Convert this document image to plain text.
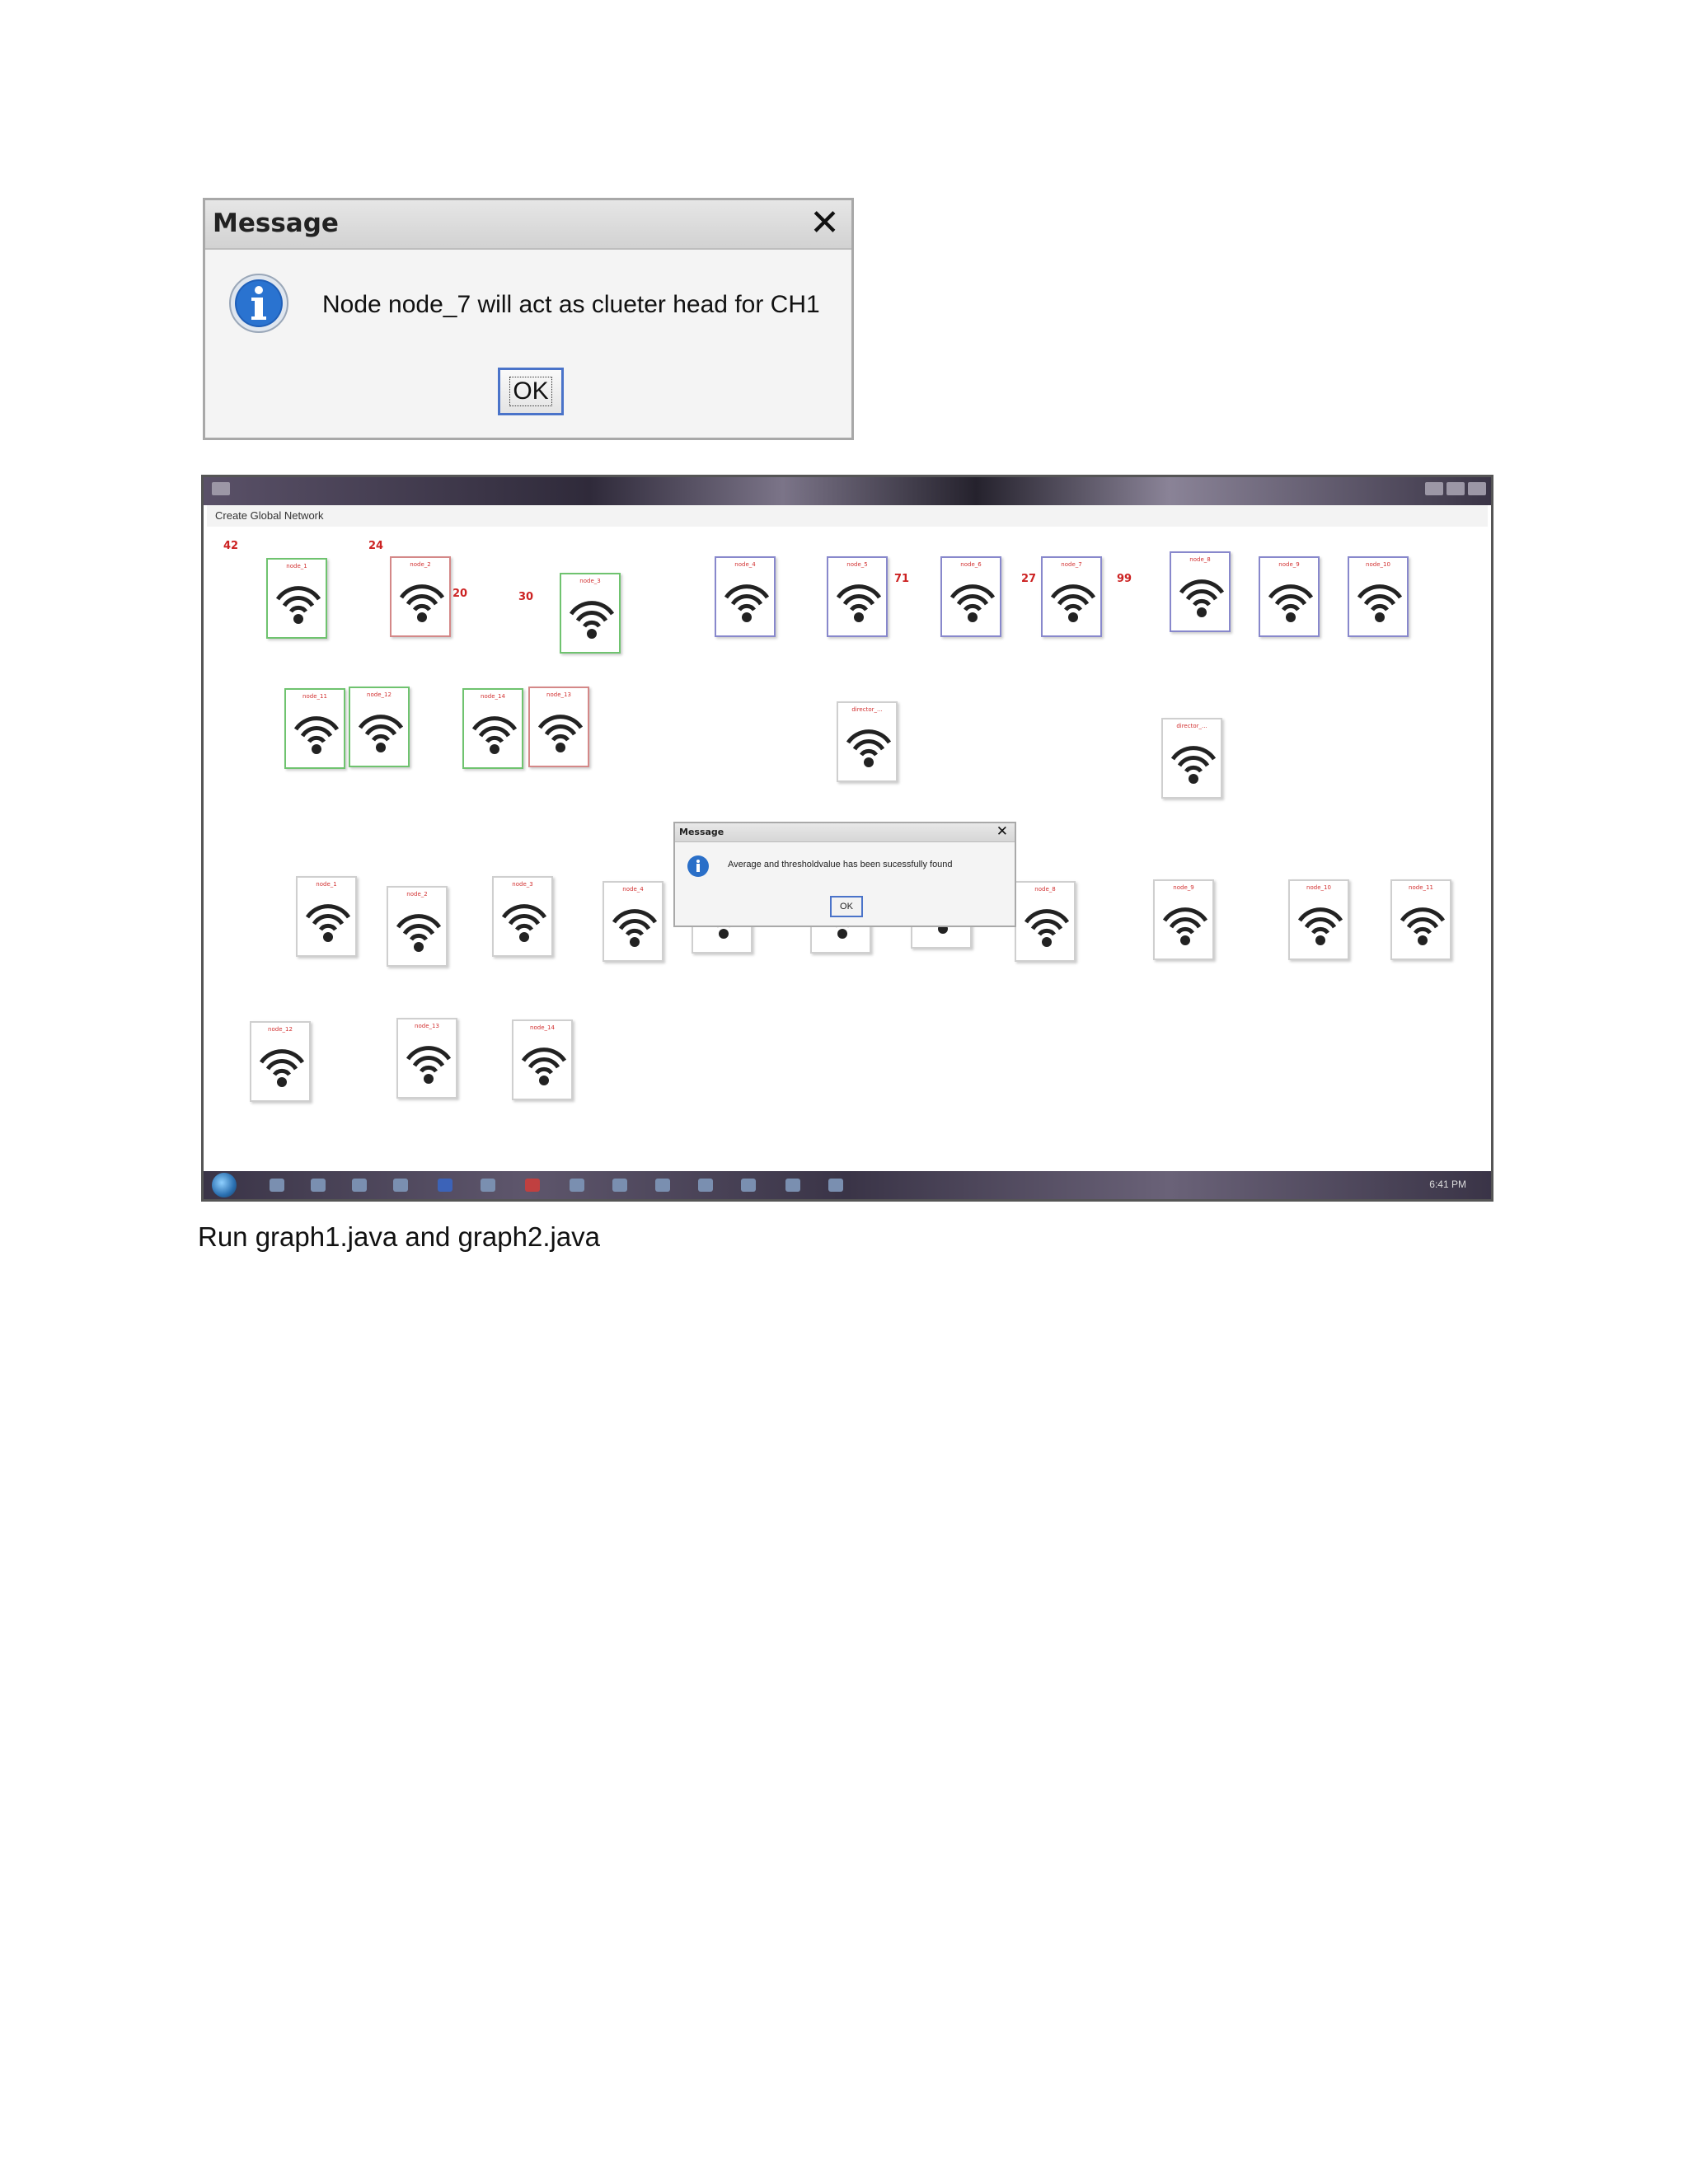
Message	✕
Node node_7 will act as clueter head for CH1
OK
Create Global Network
42	24
20	30
71	27	99
node_1	node_2
node_3
node_4	node_5	node_6	node_7
node_8
node_9	node_10
node_11	node_12	node_14	node_13
director_...
director_...
node_1
node_2
node_3
node_4	node_8	node_9	node_10	node_11
node_12	node_13	node_14
Message	✕
Average and thresholdvalue has been sucessfully found
OK
6:41 PM
Run graph1.java and graph2.java
